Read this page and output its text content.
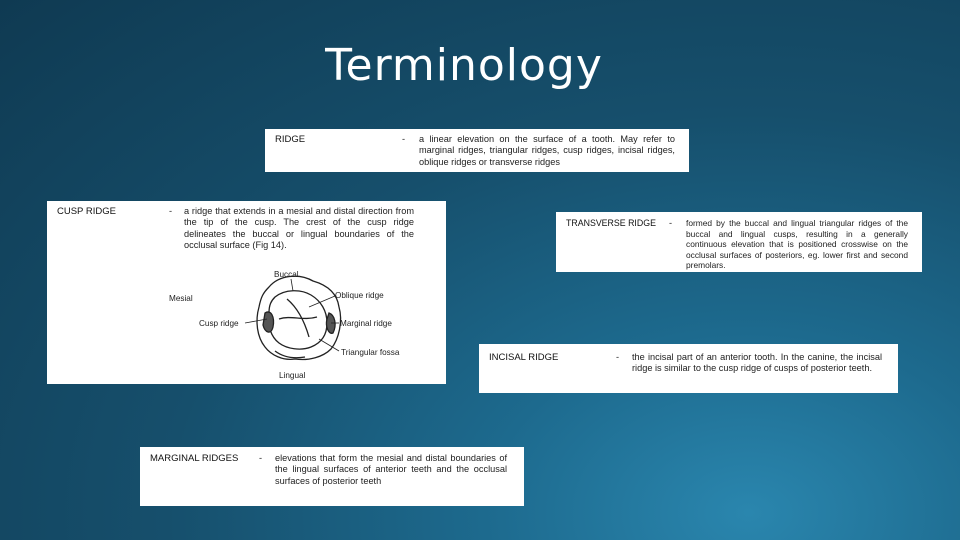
Terminology
RIDGE	- a linear elevation on the surface of a tooth. May refer to marginal ridges, triangular ridges, cusp ridges, incisal ridges, oblique ridges or transverse ridges
CUSP RIDGE	- a ridge that extends in a mesial and distal direction from the tip of the cusp. The crest of the cusp ridge delineates the buccal or lingual boundaries of the occlusal surface (Fig 14).
Buccal
Mesial	Oblique ridge
Cusp ridge	Marginal ridge
Triangular fossa
Lingual
TRANSVERSE RIDGE - formed by the buccal and lingual triangular ridges of the buccal and lingual cusps, resulting in a generally continuous elevation that is positioned crosswise on the occlusal surfaces of posteriors, eg. lower first and second premolars.
INCISAL RIDGE	- the incisal part of an anterior tooth. In the canine, the incisal ridge is similar to the cusp ridge of cusps of posterior teeth.
MARGINAL RIDGES - elevations that form the mesial and distal boundaries of the lingual surfaces of anterior teeth and the occlusal surfaces of posterior teeth
